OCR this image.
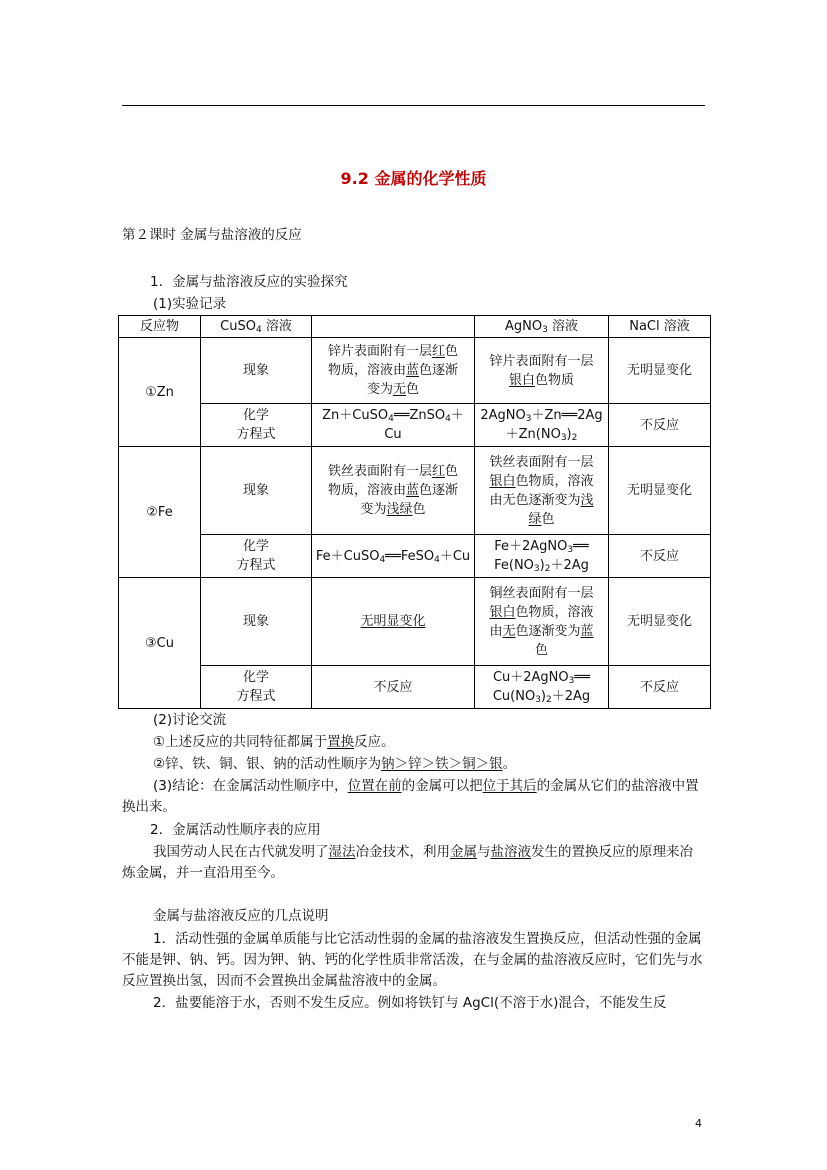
9.2 金属的化学性质
第２课时 金属与盐溶液的反应
1．金属与盐溶液反应的实验探究
(1)实验记录
反应物	CuSO$_4$ 溶液		AgNO$_3$ 溶液	NaCl 溶液
①Zn	现象	锌片表面附有一层红色
物质，溶液由蓝色逐渐
变为无色	锌片表面附有一层
银白色物质	无明显变化
	化学
方程式	Zn＋CuSO$_4$══ZnSO$_4$＋Cu	2AgNO$_3$＋Zn══2Ag
$+Zn(NO_3)_2$	不反应
②Fe	现象	铁丝表面附有一层红色
物质，溶液由蓝色逐渐
变为浅绿色	铁丝表面附有一层
银白色物质，溶液
由无色逐渐变为浅
绿色	无明显变化
	化学
方程式	Fe＋CuSO$_4$══FeSO$_4$＋Cu	Fe＋2AgNO$_3$══
$Fe(NO_3)_2+2Ag$	不反应
③Cu	现象	无明显变化	铜丝表面附有一层
银白色物质，溶液
由无色逐渐变为蓝
色	无明显变化
	化学
方程式	不反应	Cu＋2AgNO$_3$══
$Cu(NO_3)_2+2Ag$	不反应
(2)讨论交流
①上述反应的共同特征都属于置换反应。
②锌、铁、铜、银、钠的活动性顺序为钠＞锌＞铁＞铜＞银。
(3)结论：在金属活动性顺序中，位置在前的金属可以把位于其后的金属从它们的盐溶液中置换出来。
2．金属活动性顺序表的应用
我国劳动人民在古代就发明了湿法冶金技术，利用金属与盐溶液发生的置换反应的原理来冶炼金属，并一直沿用至今。
金属与盐溶液反应的几点说明
1．活动性强的金属单质能与比它活动性弱的金属的盐溶液发生置换反应，但活动性强的金属不能是钾、钠、钙。因为钾、钠、钙的化学性质非常活泼，在与金属的盐溶液反应时，它们先与水反应置换出氢，因而不会置换出金属盐溶液中的金属。
2．盐要能溶于水，否则不发生反应。例如将铁钉与 AgCl(不溶于水)混合，不能发生反
4
